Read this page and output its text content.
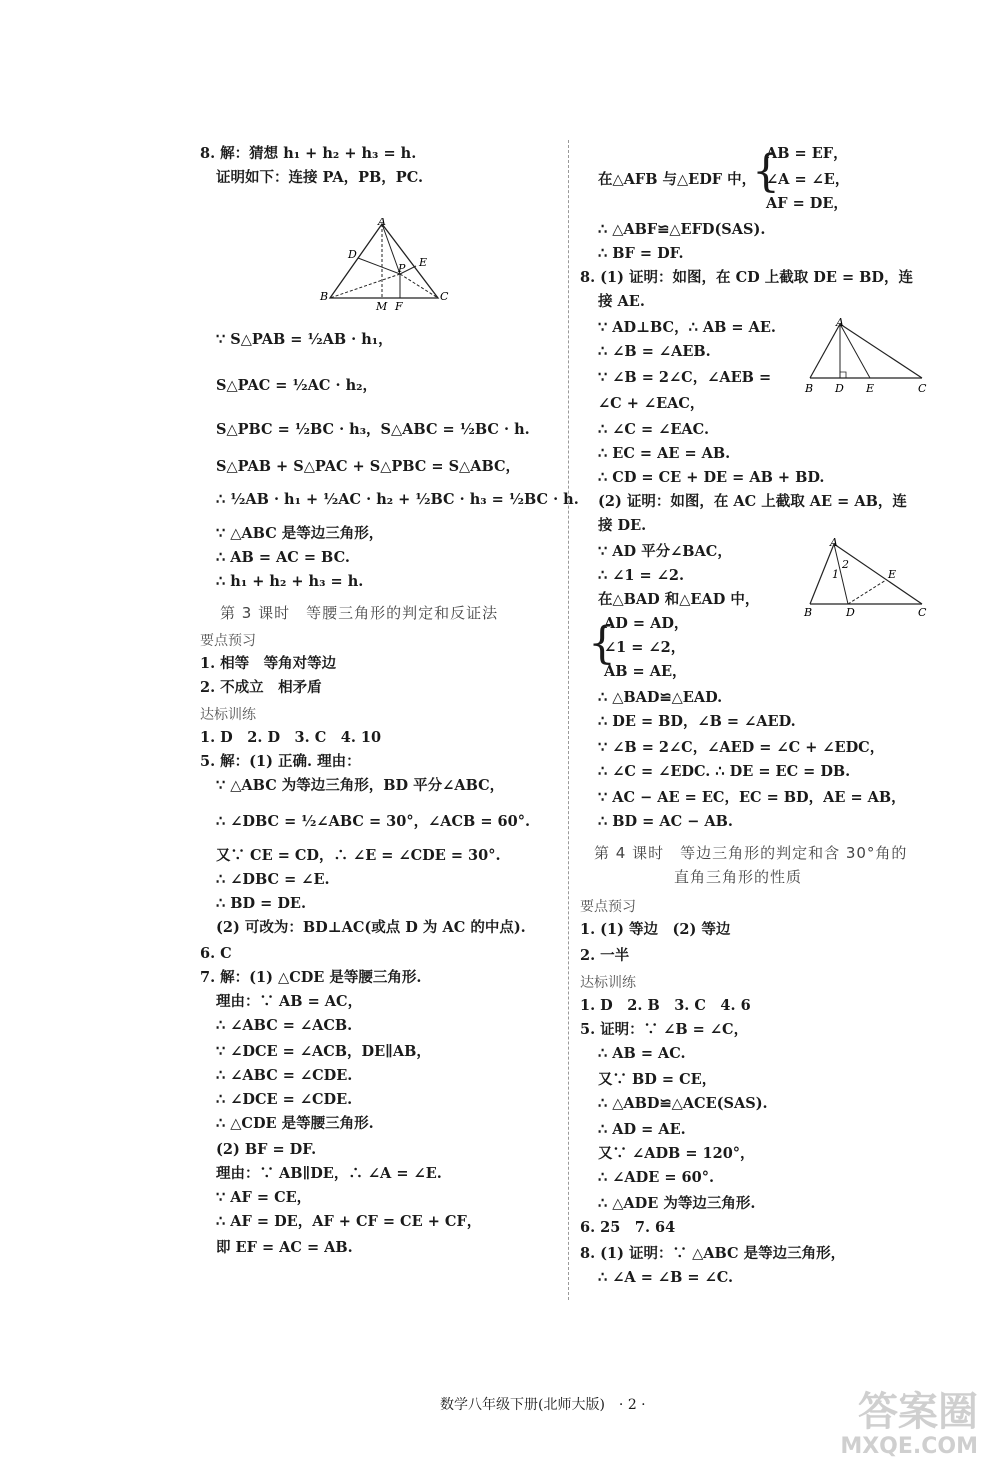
8. 解：猜想 h₁ + h₂ + h₃ = h.
证明如下：连接 PA，PB，PC.
A
B	C
D
E
P
M F
∵ S△PAB = ½AB · h₁，
S△PAC = ½AC · h₂，
S△PBC = ½BC · h₃，S△ABC = ½BC · h.
S△PAB + S△PAC + S△PBC = S△ABC，
∴ ½AB · h₁ + ½AC · h₂ + ½BC · h₃ = ½BC · h.
∵ △ABC 是等边三角形，
∴ AB = AC = BC.
∴ h₁ + h₂ + h₃ = h.
第 3 课时　等腰三角形的判定和反证法
要点预习
1. 相等　等角对等边
2. 不成立　相矛盾
达标训练
1. D　2. D　3. C　4. 10
5. 解：(1) 正确. 理由：
∵ △ABC 为等边三角形，BD 平分∠ABC，
∴ ∠DBC = ½∠ABC = 30°，∠ACB = 60°.
又∵ CE = CD，∴ ∠E = ∠CDE = 30°.
∴ ∠DBC = ∠E.
∴ BD = DE.
(2) 可改为：BD⊥AC(或点 D 为 AC 的中点).
6. C
7. 解：(1) △CDE 是等腰三角形.
理由：∵ AB = AC，
∴ ∠ABC = ∠ACB.
∵ ∠DCE = ∠ACB，DE∥AB，
∴ ∠ABC = ∠CDE.
∴ ∠DCE = ∠CDE.
∴ △CDE 是等腰三角形.
(2) BF = DF.
理由：∵ AB∥DE，∴ ∠A = ∠E.
∵ AF = CE，
∴ AF = DE，AF + CF = CE + CF，
即 EF = AC = AB.
在△AFB 与△EDF 中，
{
AB = EF，
∠A = ∠E，
AF = DE，
∴ △ABF≌△EFD(SAS).
∴ BF = DF.
8. (1) 证明：如图，在 CD 上截取 DE = BD，连
接 AE.
∵ AD⊥BC，∴ AB = AE.
∴ ∠B = ∠AEB.
∵ ∠B = 2∠C，∠AEB =
∠C + ∠EAC，
A
B D E	C
∴ ∠C = ∠EAC.
∴ EC = AE = AB.
∴ CD = CE + DE = AB + BD.
(2) 证明：如图，在 AC 上截取 AE = AB，连
接 DE.
∵ AD 平分∠BAC，
∴ ∠1 = ∠2.
A
1
2
E
B	D	C
在△BAD 和△EAD 中，
{
AD = AD，
∠1 = ∠2，
AB = AE，
∴ △BAD≌△EAD.
∴ DE = BD，∠B = ∠AED.
∵ ∠B = 2∠C，∠AED = ∠C + ∠EDC，
∴ ∠C = ∠EDC. ∴ DE = EC = DB.
∵ AC − AE = EC，EC = BD，AE = AB，
∴ BD = AC − AB.
第 4 课时　等边三角形的判定和含 30°角的
直角三角形的性质
要点预习
1. (1) 等边　(2) 等边
2. 一半
达标训练
1. D　2. B　3. C　4. 6
5. 证明：∵ ∠B = ∠C，
∴ AB = AC.
又∵ BD = CE，
∴ △ABD≌△ACE(SAS).
∴ AD = AE.
又∵ ∠ADB = 120°，
∴ ∠ADE = 60°.
∴ △ADE 为等边三角形.
6. 25　7. 64
8. (1) 证明：∵ △ABC 是等边三角形，
∴ ∠A = ∠B = ∠C.
数学八年级下册(北师大版)　· 2 ·	答案圈
MXQE.COM
